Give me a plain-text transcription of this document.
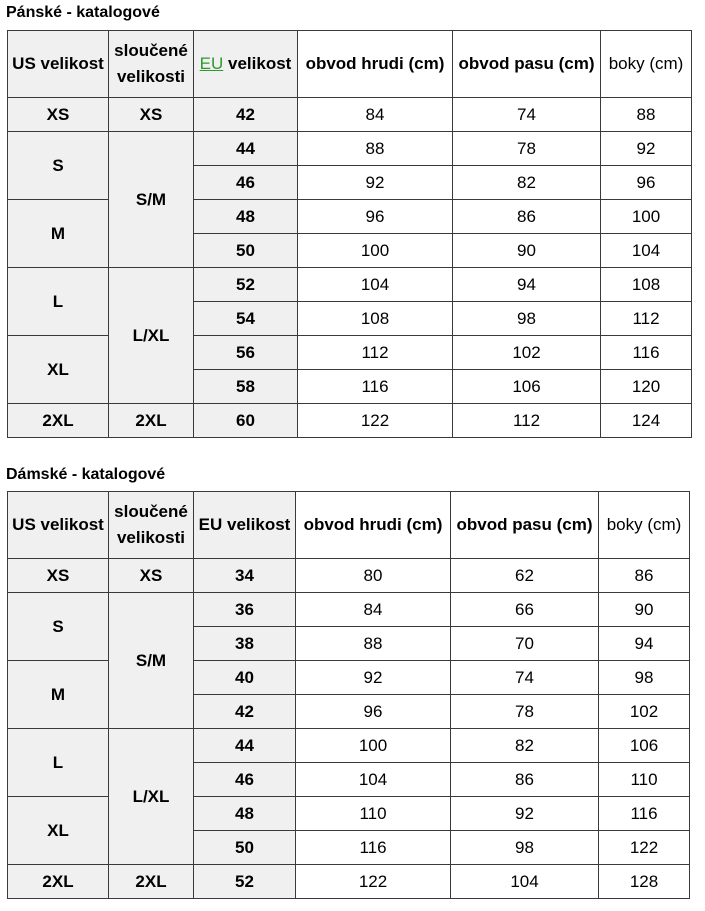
Pánské - katalogové
US velikost	sloučené velikosti	EU velikost	obvod hrudi (cm)	obvod pasu (cm)	boky (cm)
XS	XS	42	84	74	88
S	S/M	44	88	78	92
		46	92	82	96
M		48	96	86	100
		50	100	90	104
L	L/XL	52	104	94	108
		54	108	98	112
XL		56	112	102	116
		58	116	106	120
2XL	2XL	60	122	112	124
Dámské - katalogové
US velikost	sloučené velikosti	EU velikost	obvod hrudi (cm)	obvod pasu (cm)	boky (cm)
XS	XS	34	80	62	86
S	S/M	36	84	66	90
		38	88	70	94
M		40	92	74	98
		42	96	78	102
L	L/XL	44	100	82	106
		46	104	86	110
XL		48	110	92	116
		50	116	98	122
2XL	2XL	52	122	104	128
